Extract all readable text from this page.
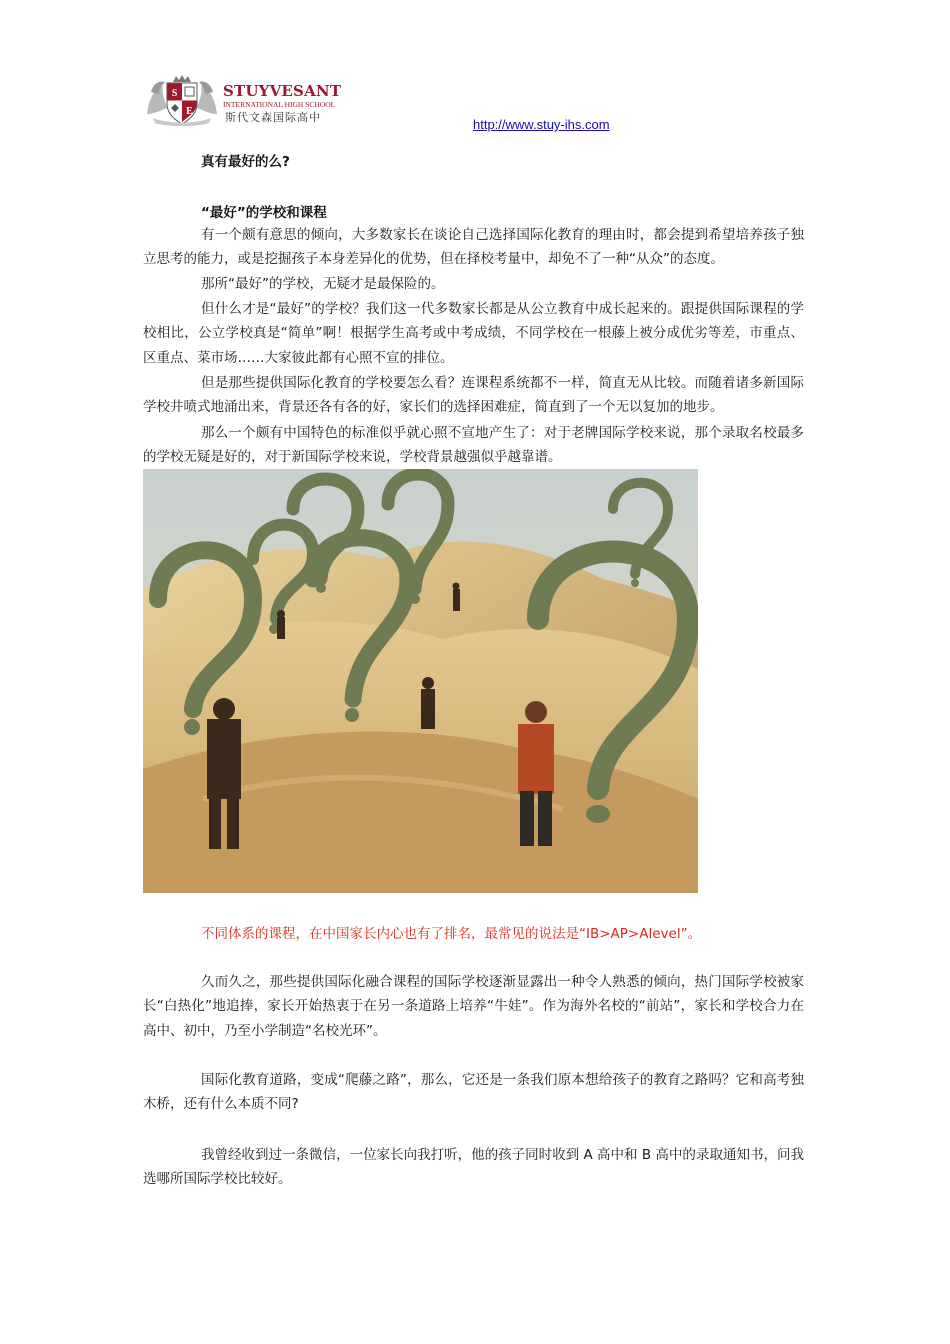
S
E
STUYVESANT
INTERNATIONAL HIGH SCHOOL
斯代文森国际高中	http://www.stuy-ihs.com
真有最好的么?
“最好”的学校和课程

有一个颇有意思的倾向，大多数家长在谈论自己选择国际化教育的理由时，都会提到希望培养孩子独立思考的能力，或是挖掘孩子本身差异化的优势，但在择校考量中，却免不了一种“从众”的态度。

那所“最好”的学校，无疑才是最保险的。

但什么才是“最好”的学校？我们这一代多数家长都是从公立教育中成长起来的。跟提供国际课程的学校相比，公立学校真是“简单”啊！根据学生高考或中考成绩，不同学校在一根藤上被分成优劣等差，市重点、区重点、菜市场……大家彼此都有心照不宣的排位。

但是那些提供国际化教育的学校要怎么看？连课程系统都不一样，简直无从比较。而随着诸多新国际学校井喷式地涌出来，背景还各有各的好，家长们的选择困难症，简直到了一个无以复加的地步。

那么一个颇有中国特色的标准似乎就心照不宣地产生了：对于老牌国际学校来说，那个录取名校最多的学校无疑是好的，对于新国际学校来说，学校背景越强似乎越靠谱。

不同体系的课程，在中国家长内心也有了排名，最常见的说法是“IB>AP>Alevel”。

久而久之，那些提供国际化融合课程的国际学校逐渐显露出一种令人熟悉的倾向，热门国际学校被家长“白热化”地追捧，家长开始热衷于在另一条道路上培养“牛娃”。作为海外名校的“前站”，家长和学校合力在高中、初中，乃至小学制造“名校光环”。

国际化教育道路，变成“爬藤之路”，那么，它还是一条我们原本想给孩子的教育之路吗？它和高考独木桥，还有什么本质不同?

我曾经收到过一条微信，一位家长向我打听，他的孩子同时收到 A 高中和 B 高中的录取通知书，问我选哪所国际学校比较好。
